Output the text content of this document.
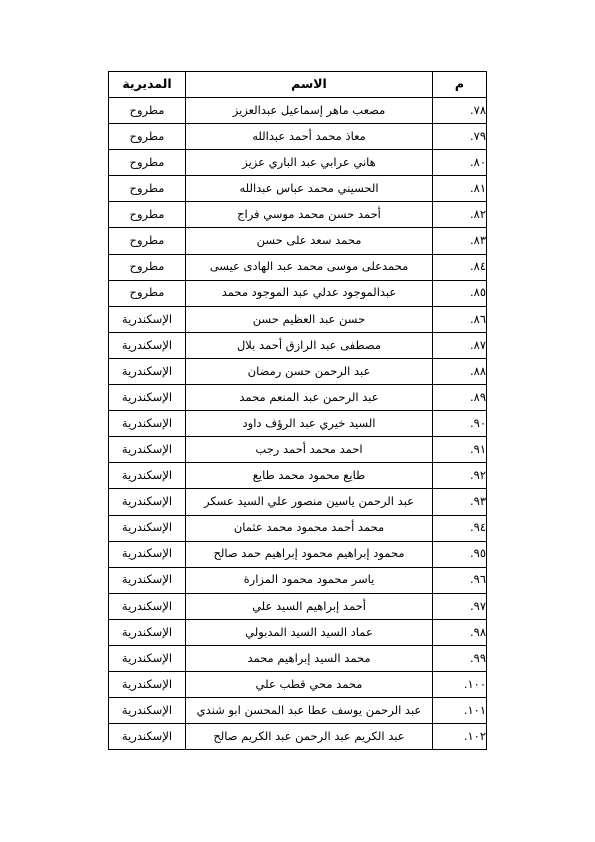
م	الاسم	المديرية
٧٨.	مصعب ماهر إسماعيل عبدالعزيز	مطروح
٧٩.	معاذ محمد أحمد عبدالله	مطروح
٨٠.	هاني عرابي عبد الباري عزيز	مطروح
٨١.	الحسيني محمد عباس عبدالله	مطروح
٨٢.	أحمد حسن محمد موسي فراج	مطروح
٨٣.	محمد سعد على حسن	مطروح
٨٤.	محمدعلى موسى محمد عبد الهادى عيسى	مطروح
٨٥.	عبدالموجود عدلي عبد الموجود محمد	مطروح
٨٦.	حسن عبد العظيم حسن	الإسكندرية
٨٧.	مصطفى عبد الرازق أحمد بلال	الإسكندرية
٨٨.	عبد الرحمن حسن رمضان	الإسكندرية
٨٩.	عبد الرحمن عبد المنعم محمد	الإسكندرية
٩٠.	السيد خيري عبد الرؤف داود	الإسكندرية
٩١.	احمد محمد أحمد رجب	الإسكندرية
٩٢.	طايع محمود محمد طايع	الإسكندرية
٩٣.	عبد الرحمن ياسين منصور علي السيد عسكر	الإسكندرية
٩٤.	محمد أحمد محمود محمد عثمان	الإسكندرية
٩٥.	محمود إبراهيم محمود إبراهيم حمد صالح	الإسكندرية
٩٦.	ياسر محمود محمود المزارة	الإسكندرية
٩٧.	أحمد إبراهيم السيد علي	الإسكندرية
٩٨.	عماد السيد السيد المدبولي	الإسكندرية
٩٩.	محمد السيد إبراهيم محمد	الإسكندرية
١٠٠.	محمد محي قطب علي	الإسكندرية
١٠١.	عبد الرحمن يوسف عطا عبد المحسن ابو شندي	الإسكندرية
١٠٢.	عبد الكريم عبد الرحمن عبد الكريم صالح	الإسكندرية
